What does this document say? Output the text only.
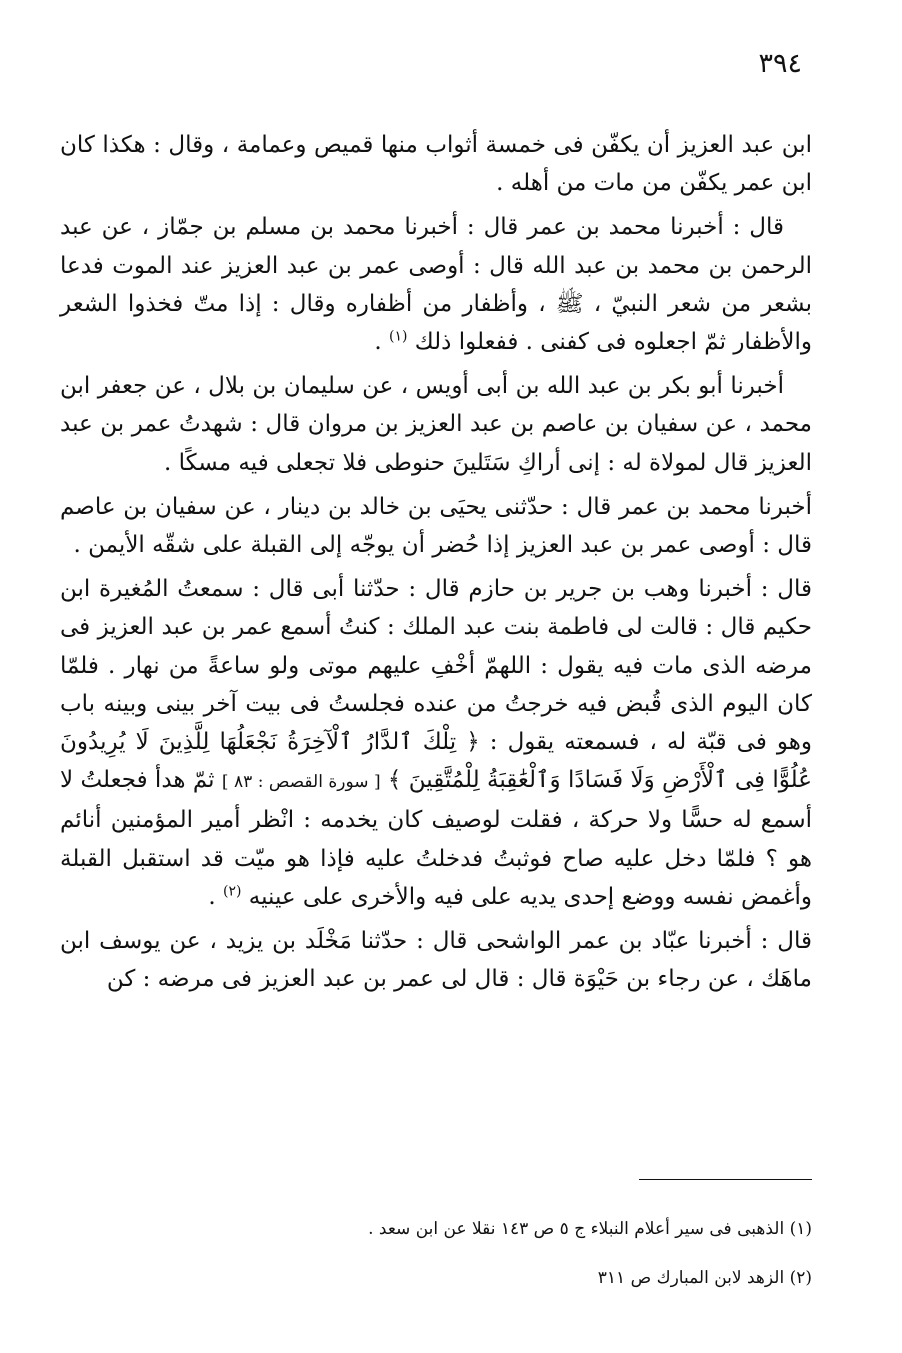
٣٩٤

ابن عبد العزيز أن يكفّن فى خمسة أثواب منها قميص وعمامة ، وقال : هكذا كان ابن عمر يكفّن من مات من أهله .

قال : أخبرنا محمد بن عمر قال : أخبرنا محمد بن مسلم بن جمّاز ، عن عبد الرحمن بن محمد بن عبد الله قال : أوصى عمر بن عبد العزيز عند الموت فدعا بشعر من شعر النبيّ ، ﷺ ، وأظفار من أظفاره وقال : إذا متّ فخذوا الشعر والأظفار ثمّ اجعلوه فى كفنى . ففعلوا ذلك $^{(١)}$ .

أخبرنا أبو بكر بن عبد الله بن أبى أويس ، عن سليمان بن بلال ، عن جعفر ابن محمد ، عن سفيان بن عاصم بن عبد العزيز بن مروان قال : شهدتُ عمر بن عبد العزيز قال لمولاة له : إنى أراكِ سَتَلينَ حنوطى فلا تجعلى فيه مسكًا .

أخبرنا محمد بن عمر قال : حدّثنى يحيَى بن خالد بن دينار ، عن سفيان بن عاصم قال : أوصى عمر بن عبد العزيز إذا حُضر أن يوجّه إلى القبلة على شقّه الأيمن .

قال : أخبرنا وهب بن جرير بن حازم قال : حدّثنا أبى قال : سمعتُ المُغيرة ابن حكيم قال : قالت لى فاطمة بنت عبد الملك : كنتُ أسمع عمر بن عبد العزيز فى مرضه الذى مات فيه يقول : اللهمّ أخْفِ عليهم موتى ولو ساعةً من نهار . فلمّا كان اليوم الذى قُبض فيه خرجتُ من عنده فجلستُ فى بيت آخر بينى وبينه باب وهو فى قبّة له ، فسمعته يقول : ﴿ تِلْكَ ٱلدَّارُ ٱلْآخِرَةُ نَجْعَلُهَا لِلَّذِينَ لَا يُرِيدُونَ عُلُوًّا فِى ٱلْأَرْضِ وَلَا فَسَادًا وَٱلْعَٰقِبَةُ لِلْمُتَّقِينَ ﴾ [ سورة القصص : ٨٣ ] ثمّ هدأ فجعلتُ لا أسمع له حسًّا ولا حركة ، فقلت لوصيف كان يخدمه : انْظر أمير المؤمنين أنائم هو ؟ فلمّا دخل عليه صاح فوثبتُ فدخلتُ عليه فإذا هو ميّت قد استقبل القبلة وأغمض نفسه ووضع إحدى يديه على فيه والأخرى على عينيه $^{(٢)}$ .

قال : أخبرنا عبّاد بن عمر الواشحى قال : حدّثنا مَخْلَد بن يزيد ، عن يوسف ابن ماهَك ، عن رجاء بن حَيْوَة قال : قال لى عمر بن عبد العزيز فى مرضه : كن

(١) الذهبى فى سير أعلام النبلاء ج ٥ ص ١٤٣ نقلا عن ابن سعد .
(٢) الزهد لابن المبارك ص ٣١١
